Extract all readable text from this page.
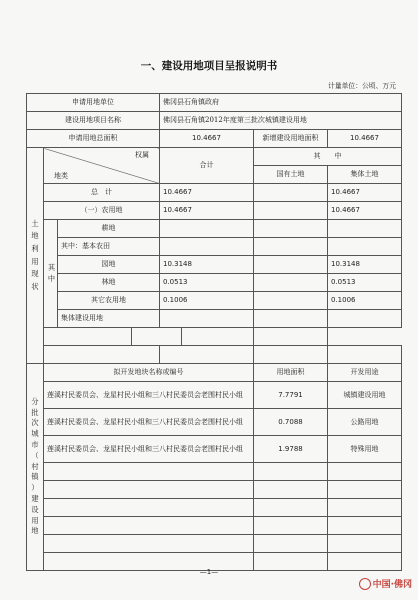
一、建设用地项目呈报说明书
计量单位：公顷、万元
申请用地单位				佛冈县石角镇政府			
建设用地项目名称				佛冈县石角镇2012年度第三批次城镇建设用地			
申请用地总面积				10.4667		新增建设用地面积	10.4667
土地利用现状	权属
地类			合计		其　　中	
						国有土地	集体土地
	总　计			10.4667			10.4667
	（一）农用地			10.4667			10.4667
	其中	耕地					
		其中：基本农田					
		园地		10.3148			10.3148
		林地		0.0513			0.0513
		其它农用地		0.1006			0.1006
		集体建设用地					

分批次城市（村镇）建设用地	拟开发地块名称或编号					用地面积	开发用途
	莲溪村民委员会、龙星村民小组和三八村民委员会老围村民小组					7.7791	城镇建设用地
	莲溪村民委员会、龙星村民小组和三八村民委员会老围村民小组					0.7088	公路用地
	莲溪村民委员会、龙星村民小组和三八村民委员会老围村民小组					1.9788	特殊用地

—1—
中国·佛冈
